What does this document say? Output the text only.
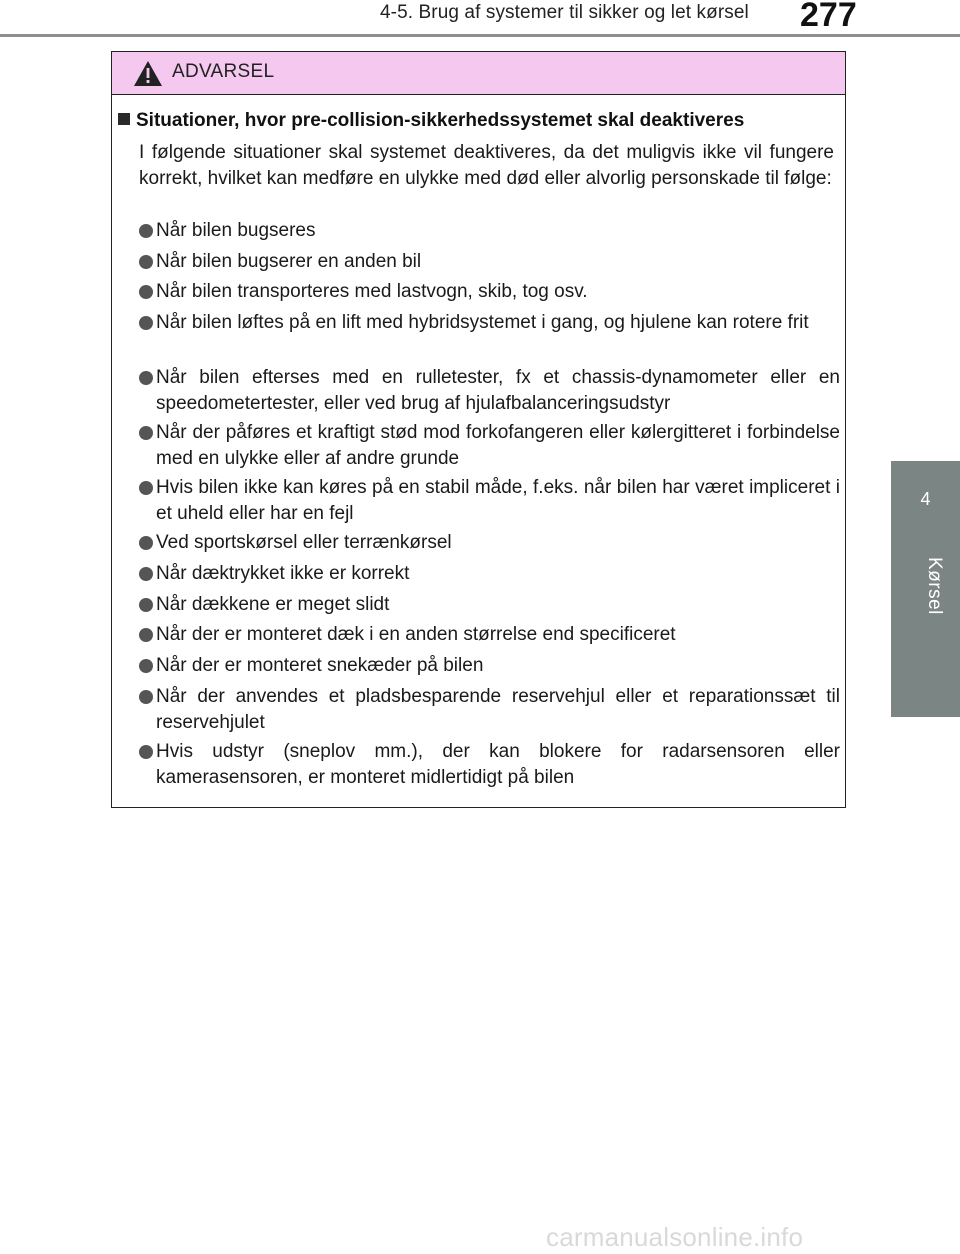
4-5. Brug af systemer til sikker og let kørsel 277
4
Kørsel
ADVARSEL
Situationer, hvor pre-collision-sikkerhedssystemet skal deaktiveres
I følgende situationer skal systemet deaktiveres, da det muligvis ikke vil fungere korrekt, hvilket kan medføre en ulykke med død eller alvorlig personskade til følge:
Når bilen bugseres
Når bilen bugserer en anden bil
Når bilen transporteres med lastvogn, skib, tog osv.
Når bilen løftes på en lift med hybridsystemet i gang, og hjulene kan rotere frit
Når bilen efterses med en rulletester, fx et chassis-dynamometer eller en speedometertester, eller ved brug af hjulafbalanceringsudstyr
Når der påføres et kraftigt stød mod forkofangeren eller kølergitteret i forbindelse med en ulykke eller af andre grunde
Hvis bilen ikke kan køres på en stabil måde, f.eks. når bilen har været impliceret i et uheld eller har en fejl
Ved sportskørsel eller terrænkørsel
Når dæktrykket ikke er korrekt
Når dækkene er meget slidt
Når der er monteret dæk i en anden størrelse end specificeret
Når der er monteret snekæder på bilen
Når der anvendes et pladsbesparende reservehjul eller et reparationssæt til reservehjulet
Hvis udstyr (sneplov mm.), der kan blokere for radarsensoren eller kamerasensoren, er monteret midlertidigt på bilen
carmanualsonline.info
